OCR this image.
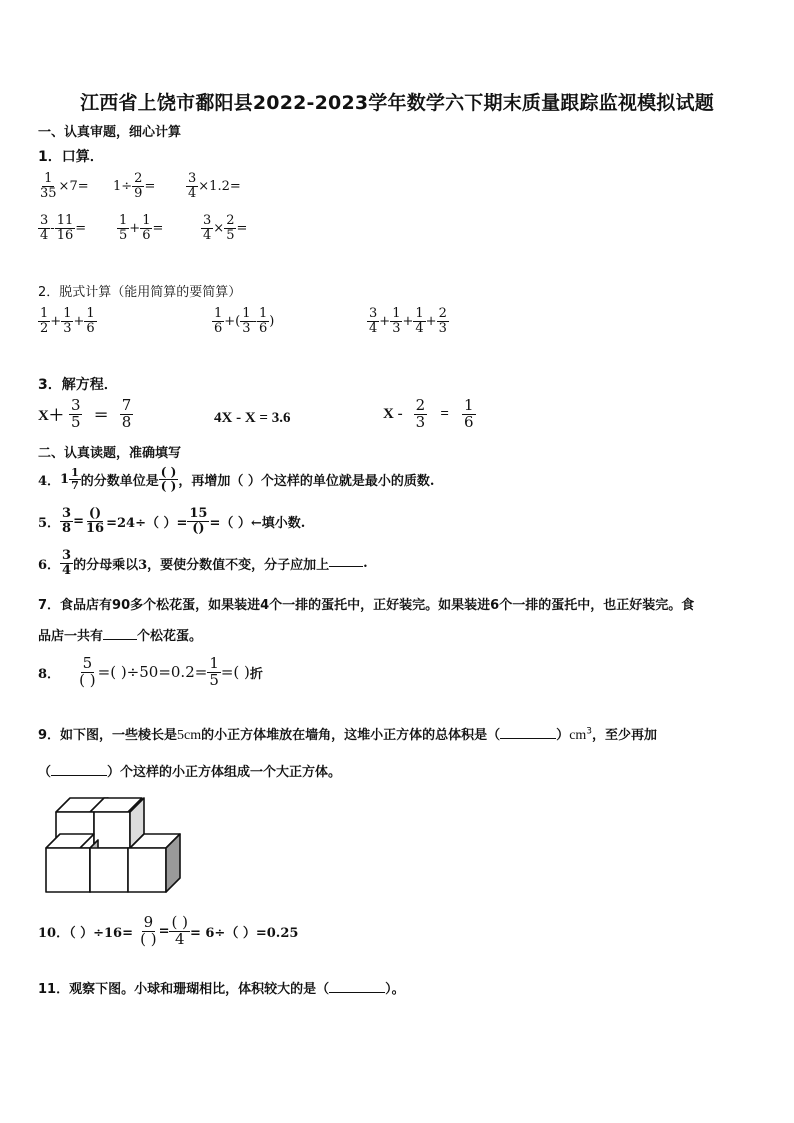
江西省上饶市鄱阳县2022-2023学年数学六下期末质量跟踪监视模拟试题
一、认真审题，细心计算
1．口算．
$\frac{1}{35} \times 7= 1\div \frac{2}{9} = \frac{3}{4} \times 1.2=$
$\frac{3}{4} - \frac{11}{16} = \frac{1}{5} + \frac{1}{6}$ =	$\frac{3}{4} \times \frac{2}{5}$ =
2．脱式计算（能用简算的要简算）
$\frac{1}{2} + \frac{1}{3} + \frac{1}{6}$	$\frac{1}{6}$ +( $\frac{1}{3} - \frac{1}{6}$ )	$\frac{3}{4} + \frac{1}{3} + \frac{1}{4} + \frac{2}{3}$
3．解方程．
$X+ \frac{3}{5} = \frac{7}{8}$	4X - X = 3.6	$X - \frac{2}{3} = \frac{1}{6}$
二、认真读题，准确填写
4．$1 \frac{1}{7}$ 的分数单位是 $\frac{( )}{( )}$ ，再增加（ ）个这样的单位就是最小的质数.
5． $\frac{3}{8} = \frac{()}{16} =24\div$（ ）= $\frac{15}{()}$ =（ ）←填小数.
6． $\frac{3}{4}$ 的分母乘以3，要使分数值不变，分子应加上	.
7．食品店有90多个松花蛋，如果装进4个一排的蛋托中，正好装完。如果装进6个一排的蛋托中，也正好装完。食
品店一共有	个松花蛋。
8． $\frac{5}{( )}$ =( )$\div 50=0.2= \frac{1}{5}$ =( )折
9．如下图，一些棱长是5cm的小正方体堆放在墙角，这堆小正方体的总体积是（	）$cm^3$，至少再加
（	）个这样的小正方体组成一个大正方体。
10．（ ）$\div 16= \frac{9}{( )} = \frac{( )}{4} = 6\div$（ ）=0.25
11．观察下图。小球和珊瑚相比，体积较大的是（	）。
